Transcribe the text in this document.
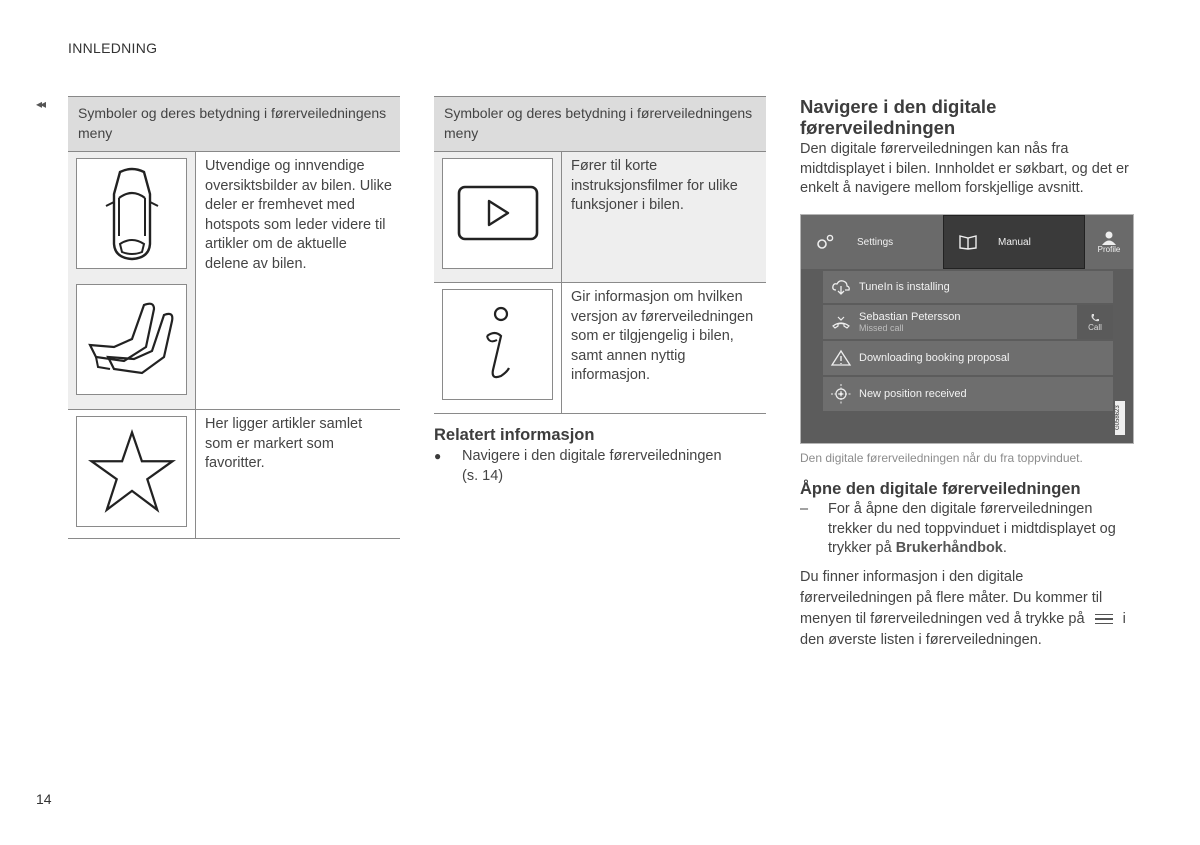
INNLEDNING
◂◂
Symboler og deres betydning i førerveiledningens meny
Utvendige og innvendige oversiktsbilder av bilen. Ulike deler er fremhevet med hotspots som leder videre til artikler om de aktuelle delene av bilen.
Her ligger artikler samlet som er markert som favoritter.
Symboler og deres betydning i førerveiledningens meny
Fører til korte instruksjonsfilmer for ulike funksjoner i bilen.
Gir informasjon om hvilken versjon av førerveiledningen som er tilgjengelig i bilen, samt annen nyttig informasjon.
Relatert informasjon
●	Navigere i den digitale førerveiledningen
(s. 14)
Navigere i den digitale førerveiledningen
Den digitale førerveiledningen kan nås fra midtdisplayet i bilen. Innholdet er søkbart, og det er enkelt å navigere mellom forskjellige avsnitt.
Settings	Manual
Profile
TuneIn is installing
Sebastian Petersson
Missed call	Call
Downloading booking proposal
New position received
G058623
Den digitale førerveiledningen når du fra toppvinduet.
Åpne den digitale førerveiledningen
–	For å åpne den digitale førerveiledningen trekker du ned toppvinduet i midtdisplayet og trykker på Brukerhåndbok.
Du finner informasjon i den digitale førerveiledningen på flere måter. Du kommer til menyen til førerveiledningen ved å trykke på	i den øverste listen i førerveiledningen.
14
